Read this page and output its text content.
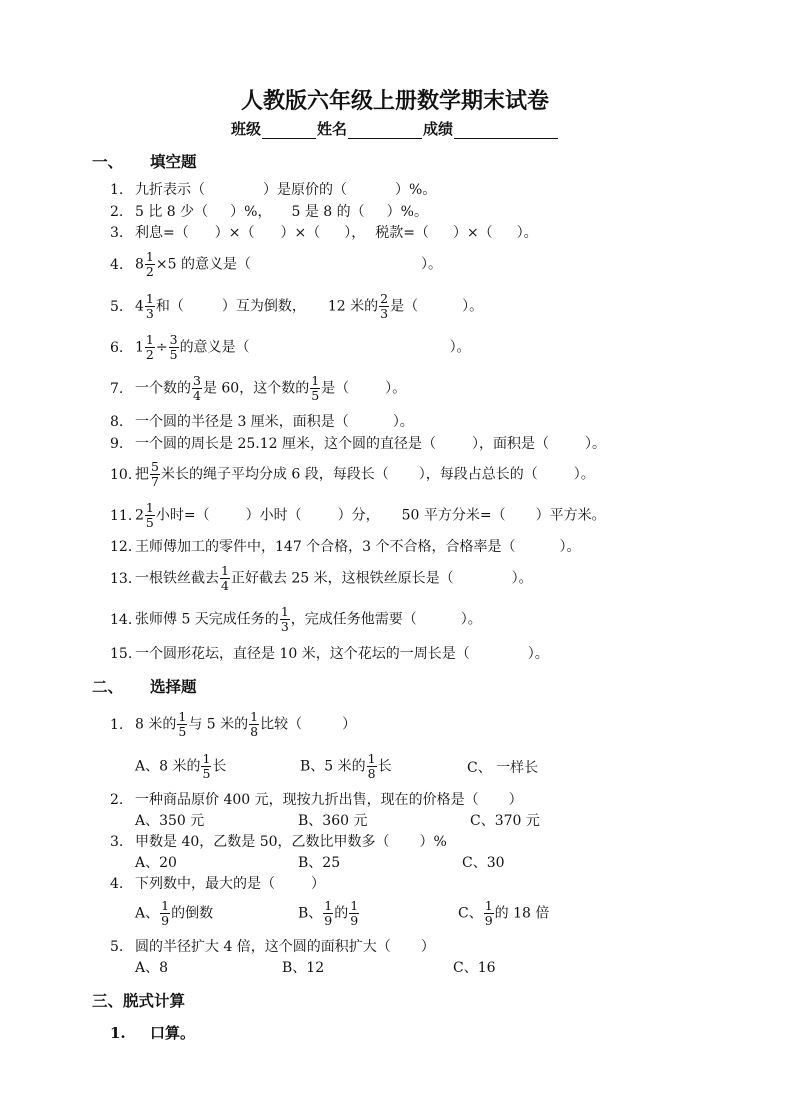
人教版六年级上册数学期末试卷
班级	姓名	成绩
一、 填空题
1. 九折表示（	）是原价的（	）%。
2. 5 比 8 少（ ）%， 5 是 8 的（ ）%。
3. 利息=（ ）×（ ）×（ ）， 税款=（ ）×（ ）。
4. $8 \frac{1}{2} \times 5$ 的意义是（	）。
5. $4 \frac{1}{3}$ 和（	）互为倒数， 12 米的 $\frac{2}{3}$ 是（	）。
6. $1 \frac{1}{2} \div \frac{3}{5}$ 的意义是（	）。
7. 一个数的 $\frac{3}{4}$ 是 60，这个数的 $\frac{1}{5}$ 是（	）。
8. 一个圆的半径是 3 厘米，面积是（	）。
9. 一个圆的周长是 25.12 厘米，这个圆的直径是（	），面积是（	）。
10. 把 $\frac{5}{7}$ 米长的绳子平均分成 6 段，每段长（ ），每段占总长的（	）。
11. $2 \frac{1}{5}$ 小时=（	）小时（	）分， 50 平方分米=（ ）平方米。
12. 王师傅加工的零件中，147 个合格，3 个不合格，合格率是（	）。
13. 一根铁丝截去 $\frac{1}{4}$ 正好截去 25 米，这根铁丝原长是（	）。
14. 张师傅 5 天完成任务的 $\frac{1}{3}$ ，完成任务他需要（	）。
15. 一个圆形花坛，直径是 10 米，这个花坛的一周长是（	）。
二、 选择题
1. 8 米的 $\frac{1}{5}$ 与 5 米的 $\frac{1}{8}$ 比较（	）
A、8 米的 $\frac{1}{5}$ 长	B、5 米的 $\frac{1}{8}$ 长	C、 一样长
2. 一种商品原价 400 元，现按九折出售，现在的价格是（ ）
A、350 元	B、360 元	C、370 元
3. 甲数是 40，乙数是 50，乙数比甲数多（ ）%
A、20	B、25	C、30
4. 下列数中，最大的是（	）
A、 $\frac{1}{9}$ 的倒数	B、 $\frac{1}{9}$ 的 $\frac{1}{9}$	C、 $\frac{1}{9}$ 的 18 倍
5. 圆的半径扩大 4 倍，这个圆的面积扩大（ ）
A、8	B、12	C、16
三、脱式计算
1. 口算。
